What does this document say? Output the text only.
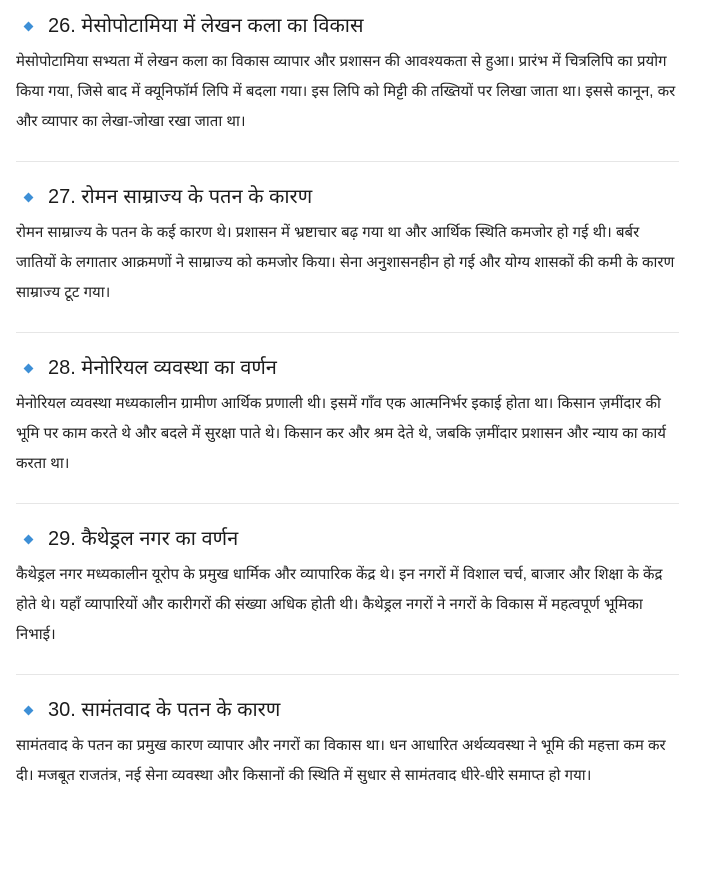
26. मेसोपोटामिया में लेखन कला का विकास

मेसोपोटामिया सभ्यता में लेखन कला का विकास व्यापार और प्रशासन की आवश्यकता से हुआ। प्रारंभ में चित्रलिपि का प्रयोग किया गया, जिसे बाद में क्यूनिफॉर्म लिपि में बदला गया। इस लिपि को मिट्टी की तख्तियों पर लिखा जाता था। इससे कानून, कर और व्यापार का लेखा-जोखा रखा जाता था।

27. रोमन साम्राज्य के पतन के कारण

रोमन साम्राज्य के पतन के कई कारण थे। प्रशासन में भ्रष्टाचार बढ़ गया था और आर्थिक स्थिति कमजोर हो गई थी। बर्बर जातियों के लगातार आक्रमणों ने साम्राज्य को कमजोर किया। सेना अनुशासनहीन हो गई और योग्य शासकों की कमी के कारण साम्राज्य टूट गया।

28. मेनोरियल व्यवस्था का वर्णन

मेनोरियल व्यवस्था मध्यकालीन ग्रामीण आर्थिक प्रणाली थी। इसमें गाँव एक आत्मनिर्भर इकाई होता था। किसान ज़मींदार की भूमि पर काम करते थे और बदले में सुरक्षा पाते थे। किसान कर और श्रम देते थे, जबकि ज़मींदार प्रशासन और न्याय का कार्य करता था।

29. कैथेड्रल नगर का वर्णन

कैथेड्रल नगर मध्यकालीन यूरोप के प्रमुख धार्मिक और व्यापारिक केंद्र थे। इन नगरों में विशाल चर्च, बाजार और शिक्षा के केंद्र होते थे। यहाँ व्यापारियों और कारीगरों की संख्या अधिक होती थी। कैथेड्रल नगरों ने नगरों के विकास में महत्वपूर्ण भूमिका निभाई।

30. सामंतवाद के पतन के कारण

सामंतवाद के पतन का प्रमुख कारण व्यापार और नगरों का विकास था। धन आधारित अर्थव्यवस्था ने भूमि की महत्ता कम कर दी। मजबूत राजतंत्र, नई सेना व्यवस्था और किसानों की स्थिति में सुधार से सामंतवाद धीरे-धीरे समाप्त हो गया।
